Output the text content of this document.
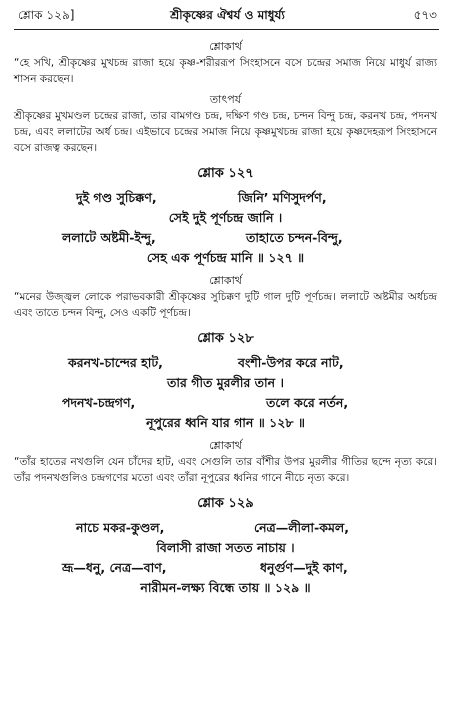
শ্লোক ১২৯]	শ্রীকৃষ্ণের ঐশ্বর্য ও মাধুর্য্য	৫৭৩
শ্লোকার্থ

“হে সখি, শ্রীকৃষ্ণের মুখচন্দ্র রাজা হয়ে কৃষ্ণ-শরীররূপ সিংহাসনে বসে চন্দ্রের সমাজ নিয়ে মাধুর্য রাজ্য শাসন করছেন।

তাৎপর্য

শ্রীকৃষ্ণের মুখমণ্ডল চন্দ্রের রাজা, তার বামগণ্ড চন্দ্র, দক্ষিণ গণ্ড চন্দ্র, চন্দন বিন্দু চন্দ্র, করনখ চন্দ্র, পদনখ চন্দ্র, এবং ললাটের অর্ধ চন্দ্র। এইভাবে চন্দ্রের সমাজ নিয়ে কৃষ্ণমুখচন্দ্র রাজা হয়ে কৃষ্ণদেহরূপ সিংহাসনে বসে রাজত্ব করছেন।

শ্লোক ১২৭
দুই গণ্ড সুচিক্কণ,	জিনি’ মণিসুদর্পণ,
সেই দুই পূর্ণচন্দ্র জানি ।
ললাটে অষ্টমী-ইন্দু,	তাহাতে চন্দন-বিন্দু,
সেহ এক পূর্ণচন্দ্র মানি ॥ ১২৭ ॥
শ্লোকার্থ

“মনের উজ্জ্বল লোকে পরাভবকারী শ্রীকৃষ্ণের সুচিক্কণ দুটি গাল দুটি পূর্ণচন্দ্র। ললাটে অষ্টমীর অর্ধচন্দ্র এবং তাতে চন্দন বিন্দু, সেও একটি পূর্ণচন্দ্র।

শ্লোক ১২৮
করনখ-চান্দের হাট,	বংশী-উপর করে নাট,
তার গীত মুরলীর তান ।
পদনখ-চন্দ্রগণ,	তলে করে নর্তন,
নূপুরের ধ্বনি যার গান ॥ ১২৮ ॥
শ্লোকার্থ

“তাঁর হাতের নখগুলি যেন চাঁদের হাট, এবং সেগুলি তার বাঁশীর উপর মুরলীর গীতির ছন্দে নৃত্য করে। তাঁর পদনখগুলিও চন্দ্রগণের মতো এবং তাঁরা নূপুরের ধ্বনির গানে নীচে নৃত্য করে।

শ্লোক ১২৯
নাচে মকর-কুণ্ডল,	নেত্র—লীলা-কমল,
বিলাসী রাজা সতত নাচায় ।
ভ্রূ—ধনু, নেত্র—বাণ,	ধনুর্গুণ—দুই কাণ,
নারীমন-লক্ষ্য বিন্ধে তায় ॥ ১২৯ ॥
